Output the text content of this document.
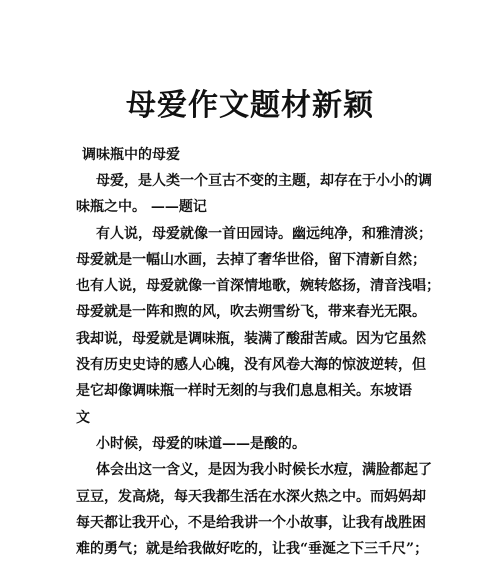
母爱作文题材新颖
调味瓶中的母爱
母爱，是人类一个亘古不变的主题，却存在于小小的调
味瓶之中。 ——题记
有人说，母爱就像一首田园诗。幽远纯净，和雅清淡；
母爱就是一幅山水画，去掉了奢华世俗，留下清新自然；
也有人说，母爱就像一首深情地歌，婉转悠扬，清音浅唱；
母爱就是一阵和煦的风，吹去朔雪纷飞，带来春光无限。
我却说，母爱就是调味瓶，装满了酸甜苦咸。因为它虽然
没有历史史诗的感人心魄，没有风卷大海的惊波逆转，但
是它却像调味瓶一样时无刻的与我们息息相关。东坡语
文
小时候，母爱的味道——是酸的。
体会出这一含义，是因为我小时候长水痘，满脸都起了
豆豆，发高烧，每天我都生活在水深火热之中。而妈妈却
每天都让我开心，不是给我讲一个小故事，让我有战胜困
难的勇气；就是给我做好吃的，让我“垂涎之下三千尺”；
